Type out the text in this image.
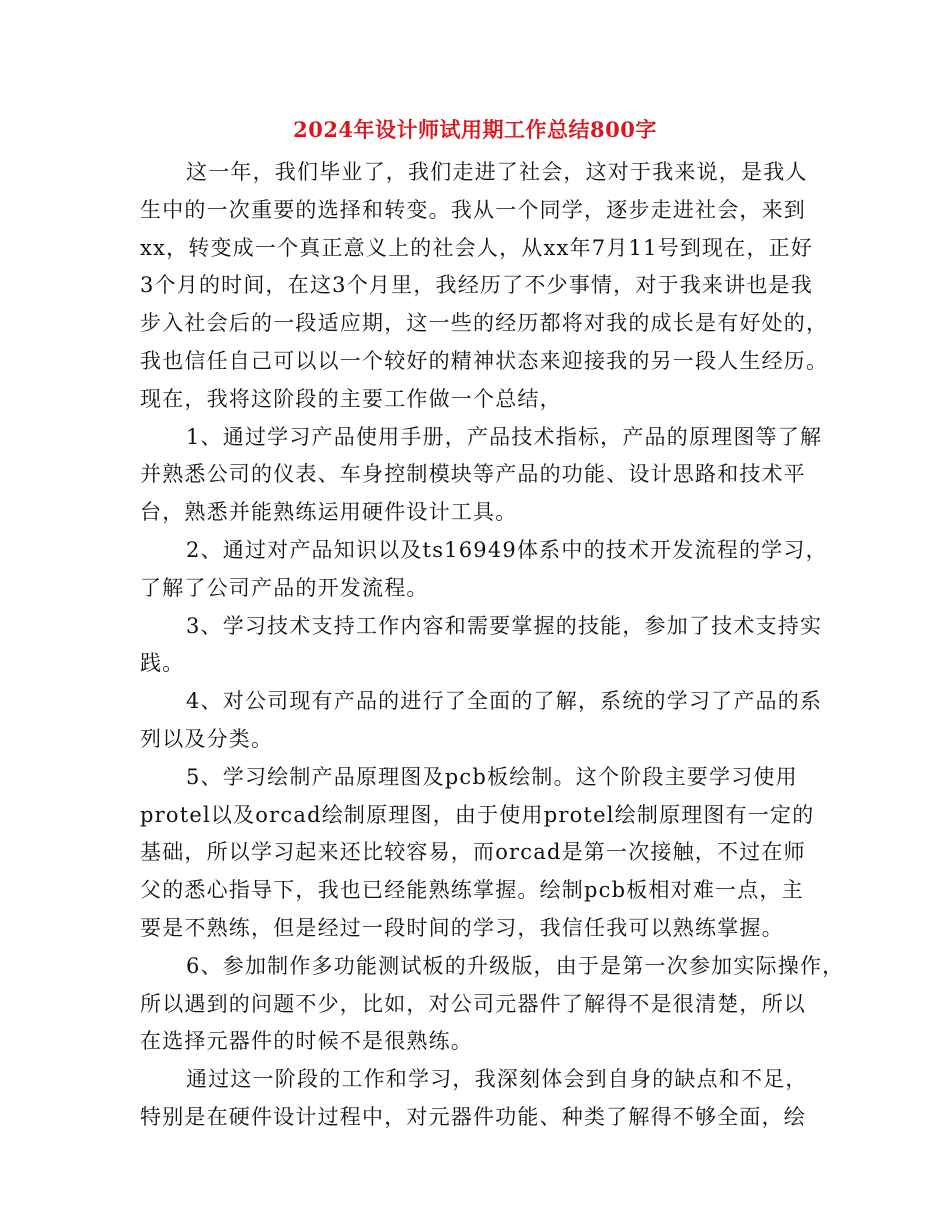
2024年设计师试用期工作总结800字
这一年，我们毕业了，我们走进了社会，这对于我来说，是我人
生中的一次重要的选择和转变。我从一个同学，逐步走进社会，来到
xx，转变成一个真正意义上的社会人，从xx年7月11号到现在，正好
3个月的时间，在这3个月里，我经历了不少事情，对于我来讲也是我
步入社会后的一段适应期，这一些的经历都将对我的成长是有好处的，
我也信任自己可以以一个较好的精神状态来迎接我的另一段人生经历。
现在，我将这阶段的主要工作做一个总结，
1、通过学习产品使用手册，产品技术指标，产品的原理图等了解
并熟悉公司的仪表、车身控制模块等产品的功能、设计思路和技术平
台，熟悉并能熟练运用硬件设计工具。
2、通过对产品知识以及ts16949体系中的技术开发流程的学习，
了解了公司产品的开发流程。
3、学习技术支持工作内容和需要掌握的技能，参加了技术支持实
践。
4、对公司现有产品的进行了全面的了解，系统的学习了产品的系
列以及分类。
5、学习绘制产品原理图及pcb板绘制。这个阶段主要学习使用
protel以及orcad绘制原理图，由于使用protel绘制原理图有一定的
基础，所以学习起来还比较容易，而orcad是第一次接触，不过在师
父的悉心指导下，我也已经能熟练掌握。绘制pcb板相对难一点，主
要是不熟练，但是经过一段时间的学习，我信任我可以熟练掌握。
6、参加制作多功能测试板的升级版，由于是第一次参加实际操作，
所以遇到的问题不少，比如，对公司元器件了解得不是很清楚，所以
在选择元器件的时候不是很熟练。
通过这一阶段的工作和学习，我深刻体会到自身的缺点和不足，
特别是在硬件设计过程中，对元器件功能、种类了解得不够全面，绘
